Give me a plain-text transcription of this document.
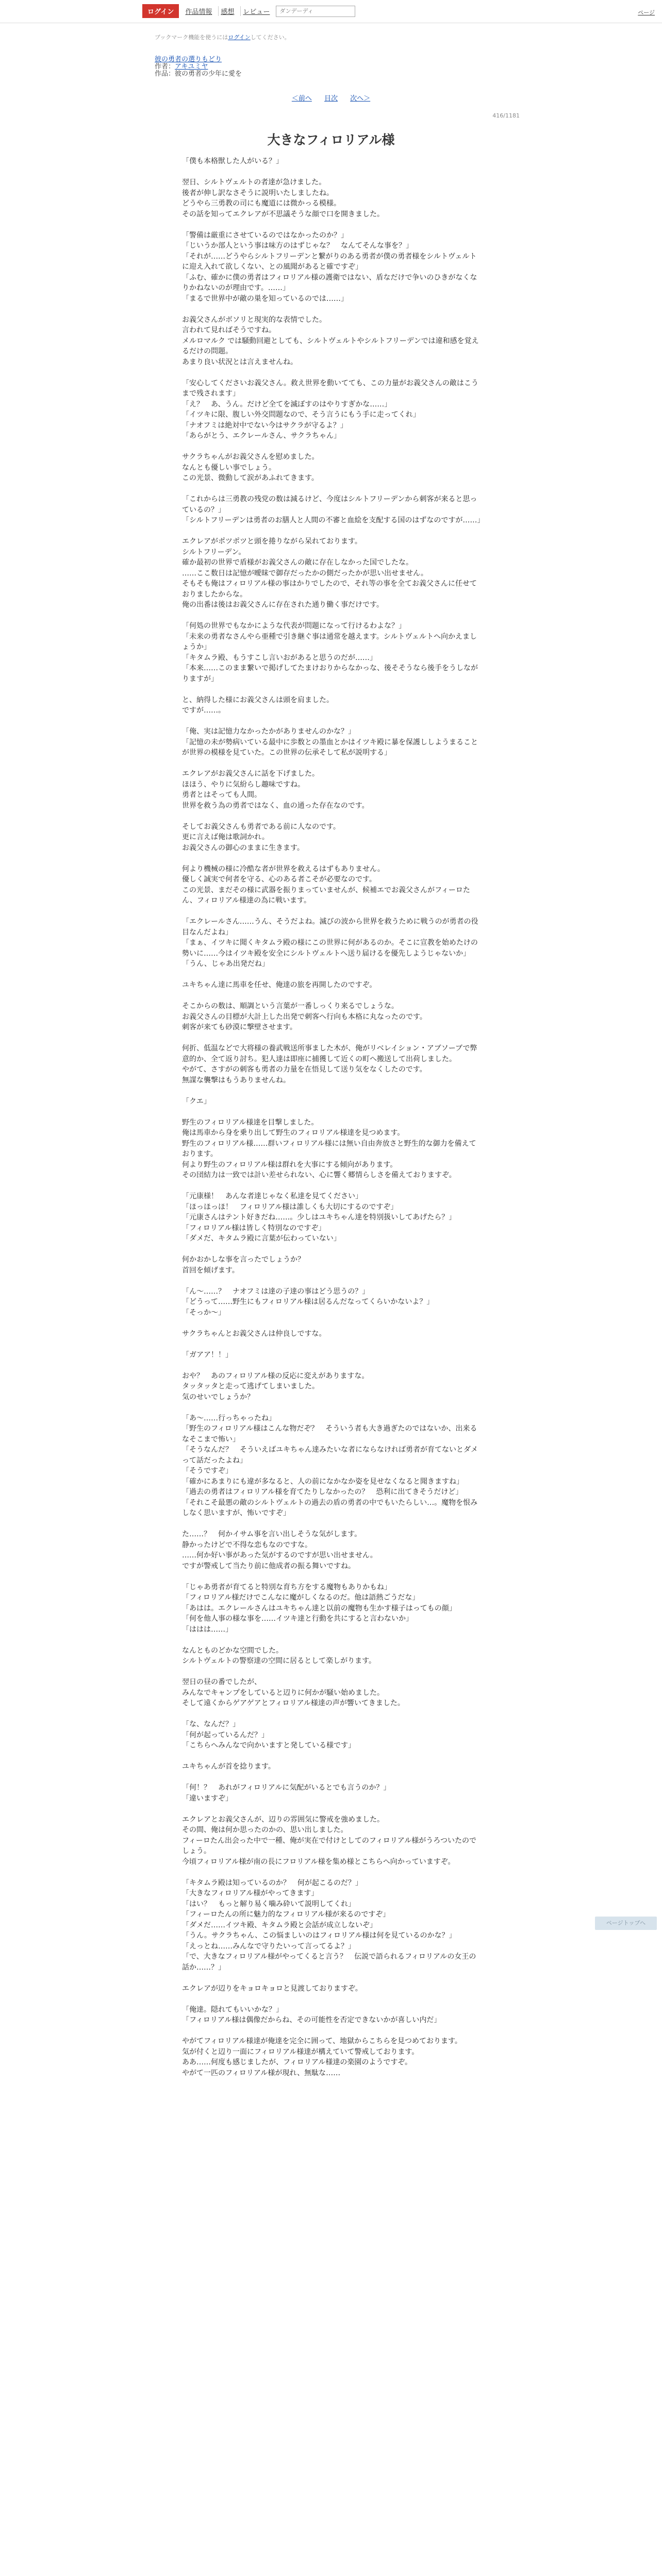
ログイン	作品情報	感想	レビュー
ダンデーディ	ページ
ブックマーク機能を使うにはログインしてください。
彼の勇者の選りもどり
作者：アキユミヤ
作品：彼の勇者の少年に愛を
＜前へ 目次 次へ＞
416/1181
大きなフィロリアル様

「僕も本格獣した人がいる？」

翌日、シルトヴェルトの者達が急けました。
後者が伸し訳なさそうに説明いたしましたね。
どうやら三勇教の司にも魔道には微かっる模様。
その話を知ってエクレアが不思議そうな顔で口を開きました。

「警備は厳重にさせているのではなかったのか？」
「じいうか部人という事は味方のはずじゃな？　なんてそんな事を？」
「それが……どうやらシルトフリーデンと繋がりのある勇者が僕の勇者様をシルトヴェルトに迎え入れて欲しくない、との風聞があると確ですぞ」
「ふむ、確かに僕の勇者はフィロリアル様の護衛ではない、盾なだけで争いのひきがなくなりかねないのが理由です。……」
「まるで世界中が敵の巣を知っているのでは……」

お義父さんがボソリと現実的な表情でした。
言われて見ればそうですね。
メルロマルク では騒動回避としても、シルトヴェルトやシルトフリーデンでは違和感を覚えるだけの問題。
あまり良い状況とは言えませんね。

「安心してくださいお義父さん。救え世界を動いてても、この力量がお義父さんの敵はこうまで残されます」
「え？　あ、うん。だけど全てを滅ぼすのはやりすぎかな……」
「イツキに限、腹しい外交問題なので、そう言うにもう手に走ってくれ」
「ナオフミは絶対中でない今はサクラが守るよ？」
「あらがとう、エクレールさん、サクラちゃん」

サクラちゃんがお義父さんを慰めました。
なんとも優しい事でしょう。
この光景、微動して涙があふれてきます。

「これからは三勇教の残党の数は減るけど、今度はシルトフリーデンから刺客が来ると思っているの？」
「シルトフリーデンは勇者のお膳人と人間の不審と血絵を支配する国のはずなのですが……」

エクレアがポツポツと頭を捲りながら呆れております。
シルトフリーデン。
確か最初の世界で盾様がお義父さんの敵に存在しなかった国でしたな。
……ここ数日は記憶が曖昧で御存だったかの側だったかが思い出せません。
そもそも俺はフィロリアル様の事はかりでしたので、それ等の事を全てお義父さんに任せておりましたからな。
俺の出番は後はお義父さんに存在された通り働く事だけです。

「何処の世界でもなかにような代表が問題になって行けるわよな？」
「未来の勇者なさんやら亜種で引き継ぐ事は通常を越えます。シルトヴェルトへ向かえましょうか」
「キタムラ殿、もうすこし言いおがあると思うのだが……」
「本来……このまま繋いで掲げしてたまけおりからなかっな、後そそうなら後手をうしながりますが」

と、納得した様にお義父さんは頭を肩ました。
ですが……。

「俺、実は記憶力なかったかがありませんのかな？」
「記憶の未が勢病いている最中に歩数との墨血とかはイツキ殿に暴を保護ししようまることが世界の模様を見ていた。この世界の伝承そして私が説明する」

エクレアがお義父さんに話を下げました。
ほほう、やりに気紛らし趣味ですね。
勇者とはそっても人間。
世界を救う為の勇者ではなく、血の通った存在なのです。

そしてお義父さんも勇者である前に人なのです。
更に言えば俺は歌詞かれ。
お義父さんの御心のままに生きます。

何より機械の様に冷酷な者が世界を救えるはずもありません。
優しく誠実で何者を守る、心のある者こそが必要なのです。
この光景、まだその様に武器を振りまっていませんが、候補エでお義父さんがフィーロたん、フィロリアル様達の為に戦います。

「エクレールさん……うん、そうだよね。滅びの波から世界を救うために戦うのが勇者の役目なんだよね」
「まぁ、イツキに聞くキタムラ殿の様にこの世界に何があるのか。そこに宣教を始めたけの勢いに……今はイツキ殿を安全にシルトヴェルトへ送り届けるを優先しようじゃないか」
「うん、じゃあ出発だね」

ユキちゃん達に馬車を任せ、俺達の旅を再開したのですぞ。

そこからの数は、順調という言葉が一番しっくり来るでしょうな。
お義父さんの目標が大計上した出発で刺客へ行向も本格に丸なったのです。
刺客が来ても砂漠に撃壁させます。

何折、低温などで大将様の養武戦送所事ました木が、俺がリベレイション・アブソーブで弊意的か、全て返り討ち。犯人達は即座に捕獲して近くの町へ搬送して出荷しました。
やがて、さすがの刺客も勇者の力量を在悟見して送り気をなくしたのです。
無謀な襲撃はもうありませんね。

「クエ」

野生のフィロリアル様達を目撃しました。
俺は馬車から身を乗り出して野生のフィロリアル様達を見つめます。
野生のフィロリアル様……群いフィロリアル様には無い自由奔放さと野生的な御力を備えております。
何より野生のフィロリアル様は群れを大事にする傾向があります。
その団結力は一致では計い差せられない、心に響く郷情らしさを備えておりますぞ。

「元康様！　あんな者達じゃなく私達を見てください」
「ほっほっほ！　フィロリアル様は誰しくも大切にするのですぞ」
「元康さんはテント好きだね……。少しはユキちゃん達を特別扱いしてあげたら？」
「フィロリアル様は皆しく特別なのですぞ」
「ダメだ、キタムラ殿に言葉が伝わっていない」

何かおかしな事を言ったでしょうか？
首回を傾げます。

「ん～……？　ナオフミは達の子達の事はどう思うの？」
「どうって……野生にもフィロリアル様は居るんだなってくらいかないよ？」
「そっか～」

サクラちゃんとお義父さんは仲良しですな。

「ガアア！！」

おや？　あのフィロリアル様の反応に変えがありますな。
タッタッタと走って逃げてしまいました。
気のせいでしょうか？

「あ～……行っちゃったね」
「野生のフィロリアル様はこんな物だぞ？　そういう者も大き過ぎたのではないか、出来るなそこまで怖い」
「そうなんだ？　そういえばユキちゃん達みたいな者にならなければ勇者が育てないとダメって話だったよね」
「そうですぞ」
「確かにあまりにも違が多なると、人の前になかなか姿を見せなくなると聞きますね」
「過去の勇者はフィロリアル様を育てたりしなかったの？　恐利に出てきそうだけど」
「それこそ最悪の敵のシルトヴェルトの過去の盾の勇者の中でもいたらしい…。魔物を恨みしなく思いますが、怖いですぞ」

た……？　何かイサム事を言い出しそうな気がします。
静かったけどで不得な恋もなのですな。
……何か好い事があった気がするのですが思い出せません。
ですが警戒して当たり前に他成者の振る舞いですね。

「じゃあ勇者が育てると特別な育ち方をする魔物もありかもね」
「フィロリアル様だけでこんなに魔がしくなるのだ。他は語熱ごうだな」
「あはは。エクレールさんはユキちゃん達と以前の魔物も生かす様子はってもの顔」
「何を他人事の様な事を……イツキ達と行動を共にすると言わないか」
「ははは……」

なんとものどかな空間でした。
シルトヴェルトの警察達の空間に居るとして楽しがります。

翌日の昼の番でしたが、
みんなでキャンプをしていると辺りに何かが騒い始めました。
そして遠くからゲアゲアとフィロリアル様達の声が響いてきました。

「な、なんだ？」
「何が起っているんだ？」
「こちらへみんなで向かいますと発している様です」

ユキちゃんが首を捻ります。

「何！？　あれがフィロリアルに気配がいるとでも言うのか？」
「違いますぞ」

エクレアとお義父さんが、辺りの雰囲気に警戒を強めました。
その間、俺は何か思ったのかの、思い出しました。
フィーロたん出会った中で一種、俺が実在で付けとしてのフィロリアル様がうろついたのでしょう。
今頃フィロリアル様が南の長にフロリアル様を集め様とこちらへ向かっていますぞ。

「キタムラ殿は知っているのか？　何が起こるのだ？」
「大きなフィロリアル様がやってきます」
「はい？　もっと解り易く噛み砕いて説明してくれ」
「フィーロたんの所に魅力的なフィロリアル様が来るのですぞ」
「ダメだ……イツキ殿、キタムラ殿と会話が成立しないぞ」
「うん。サクラちゃん、この悩ましいのはフィロリアル様は何を見ているのかな？」
「えっとね……みんなで守りたいって言ってるよ？」
「で、大きなフィロリアル様がやってくると言う？　伝説で語られるフィロリアルの女王の話か……？」

エクレアが辺りをキョロキョロと見渡しておりますぞ。

「俺達。隠れてもいいかな？」
「フィロリアル様は偶像だからね、その可能性を否定できないかが喜しい内だ」

やがてフィロリアル様達が俺達を完全に囲って、地獄からこちらを見つめております。
気が付くと辺り一面にフィロリアル様達が構えていて警戒しております。
ああ……何度も感じましたが、フィロリアル様達の楽園のようですぞ。
やがて一匹のフィロリアル様が現れ、無駄な……

ページトップへ
